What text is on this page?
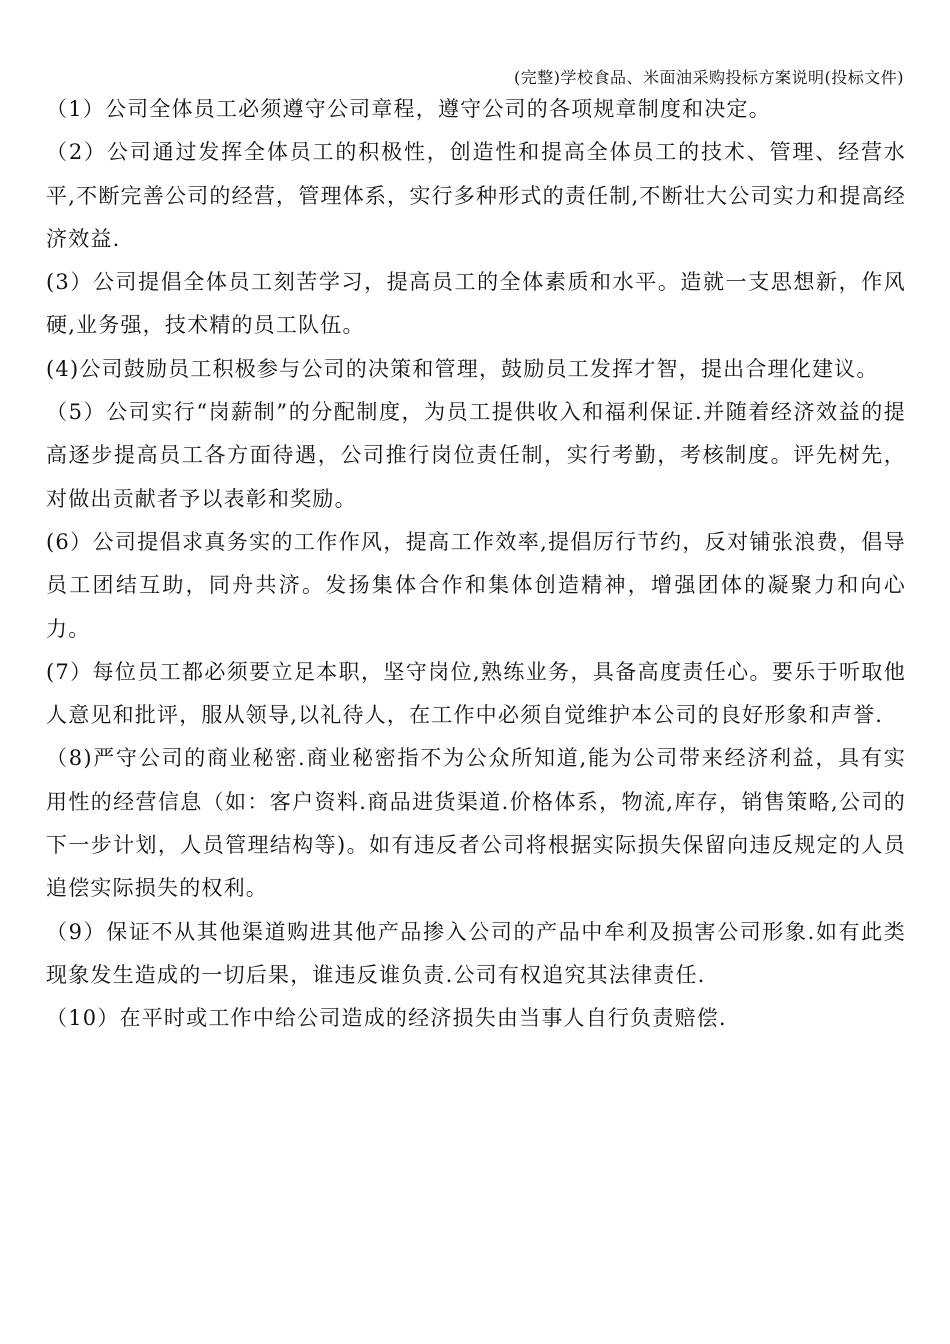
(完整)学校食品、米面油采购投标方案说明(投标文件)

（1）公司全体员工必须遵守公司章程，遵守公司的各项规章制度和决定。

（2）公司通过发挥全体员工的积极性，创造性和提高全体员工的技术、管理、经营水平,不断完善公司的经营，管理体系，实行多种形式的责任制,不断壮大公司实力和提高经济效益.

(3）公司提倡全体员工刻苦学习，提高员工的全体素质和水平。造就一支思想新，作风硬,业务强，技术精的员工队伍。

(4)公司鼓励员工积极参与公司的决策和管理，鼓励员工发挥才智，提出合理化建议。

（5）公司实行“岗薪制”的分配制度，为员工提供收入和福利保证.并随着经济效益的提高逐步提高员工各方面待遇，公司推行岗位责任制，实行考勤，考核制度。评先树先，对做出贡献者予以表彰和奖励。

(6）公司提倡求真务实的工作作风，提高工作效率,提倡厉行节约，反对铺张浪费，倡导员工团结互助，同舟共济。发扬集体合作和集体创造精神，增强团体的凝聚力和向心力。

(7）每位员工都必须要立足本职，坚守岗位,熟练业务，具备高度责任心。要乐于听取他人意见和批评，服从领导,以礼待人，在工作中必须自觉维护本公司的良好形象和声誉.

（8)严守公司的商业秘密.商业秘密指不为公众所知道,能为公司带来经济利益，具有实用性的经营信息（如：客户资料.商品进货渠道.价格体系，物流,库存，销售策略,公司的下一步计划，人员管理结构等)。如有违反者公司将根据实际损失保留向违反规定的人员追偿实际损失的权利。

（9）保证不从其他渠道购进其他产品掺入公司的产品中牟利及损害公司形象.如有此类现象发生造成的一切后果，谁违反谁负责.公司有权追究其法律责任.

（10）在平时或工作中给公司造成的经济损失由当事人自行负责赔偿.
